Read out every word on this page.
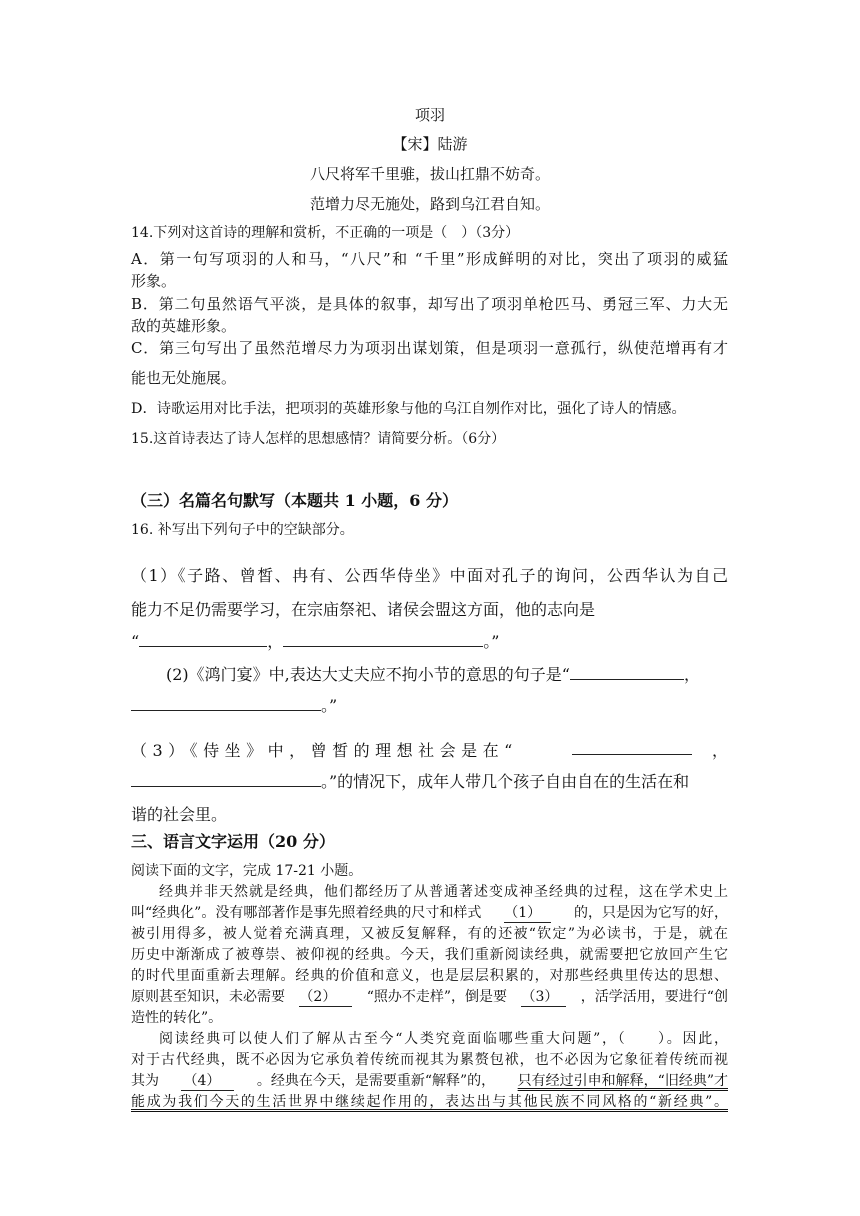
项羽
【宋】陆游
八尺将军千里骓，拔山扛鼎不妨奇。
范增力尽无施处，路到乌江君自知。
14.下列对这首诗的理解和赏析，不正确的一项是（　）（3分）
A．第一句写项羽的人和马，“八尺”和 “千里”形成鲜明的对比，突出了项羽的威猛
形象。
B．第二句虽然语气平淡，是具体的叙事，却写出了项羽单枪匹马、勇冠三军、力大无
敌的英雄形象。
C．第三句写出了虽然范增尽力为项羽出谋划策，但是项羽一意孤行，纵使范增再有才
能也无处施展。
D．诗歌运用对比手法，把项羽的英雄形象与他的乌江自刎作对比，强化了诗人的情感。
15.这首诗表达了诗人怎样的思想感情？请简要分析。（6分）
（三）名篇名句默写（本题共 1 小题，6 分）
16. 补写出下列句子中的空缺部分。
（1）《子路、曾皙、冉有、公西华侍坐》中面对孔子的询问，公西华认为自己
能力不足仍需要学习，在宗庙祭祀、诸侯会盟这方面，他的志向是
“	，	。”
(2)《鸿门宴》中,表达大丈夫应不拘小节的意思的句子是“	，
。”
（3）《侍坐》中，曾皙的理想社会是在“	，
。”的情况下，成年人带几个孩子自由自在的生活在和
谐的社会里。
三、语言文字运用（20 分）
阅读下面的文字，完成 17-21 小题。
经典并非天然就是经典，他们都经历了从普通著述变成神圣经典的过程，这在学术史上
叫“经典化”。没有哪部著作是事先照着经典的尺寸和样式 （1）	的，只是因为它写的好，
被引用得多，被人觉着充满真理，又被反复解释，有的还被“钦定”为必读书，于是，就在
历史中渐渐成了被尊崇、被仰视的经典。今天，我们重新阅读经典，就需要把它放回产生它
的时代里面重新去理解。经典的价值和意义，也是层层积累的，对那些经典里传达的思想、
原则甚至知识，未必需要 （2）	“照办不走样”，倒是要 （3）	，活学活用，要进行“创
造性的转化”。
阅读经典可以使人们了解从古至今“人类究竟面临哪些重大问题”，（　　）。因此，
对于古代经典，既不必因为它承负着传统而视其为累赘包袱，也不必因为它象征着传统而视
其为 （4）	。经典在今天，是需要重新“解释”的， 只有经过引申和解释，“旧经典”才
能成为我们今天的生活世界中继续起作用的，表达出与其他民族不同风格的“新经典”。
